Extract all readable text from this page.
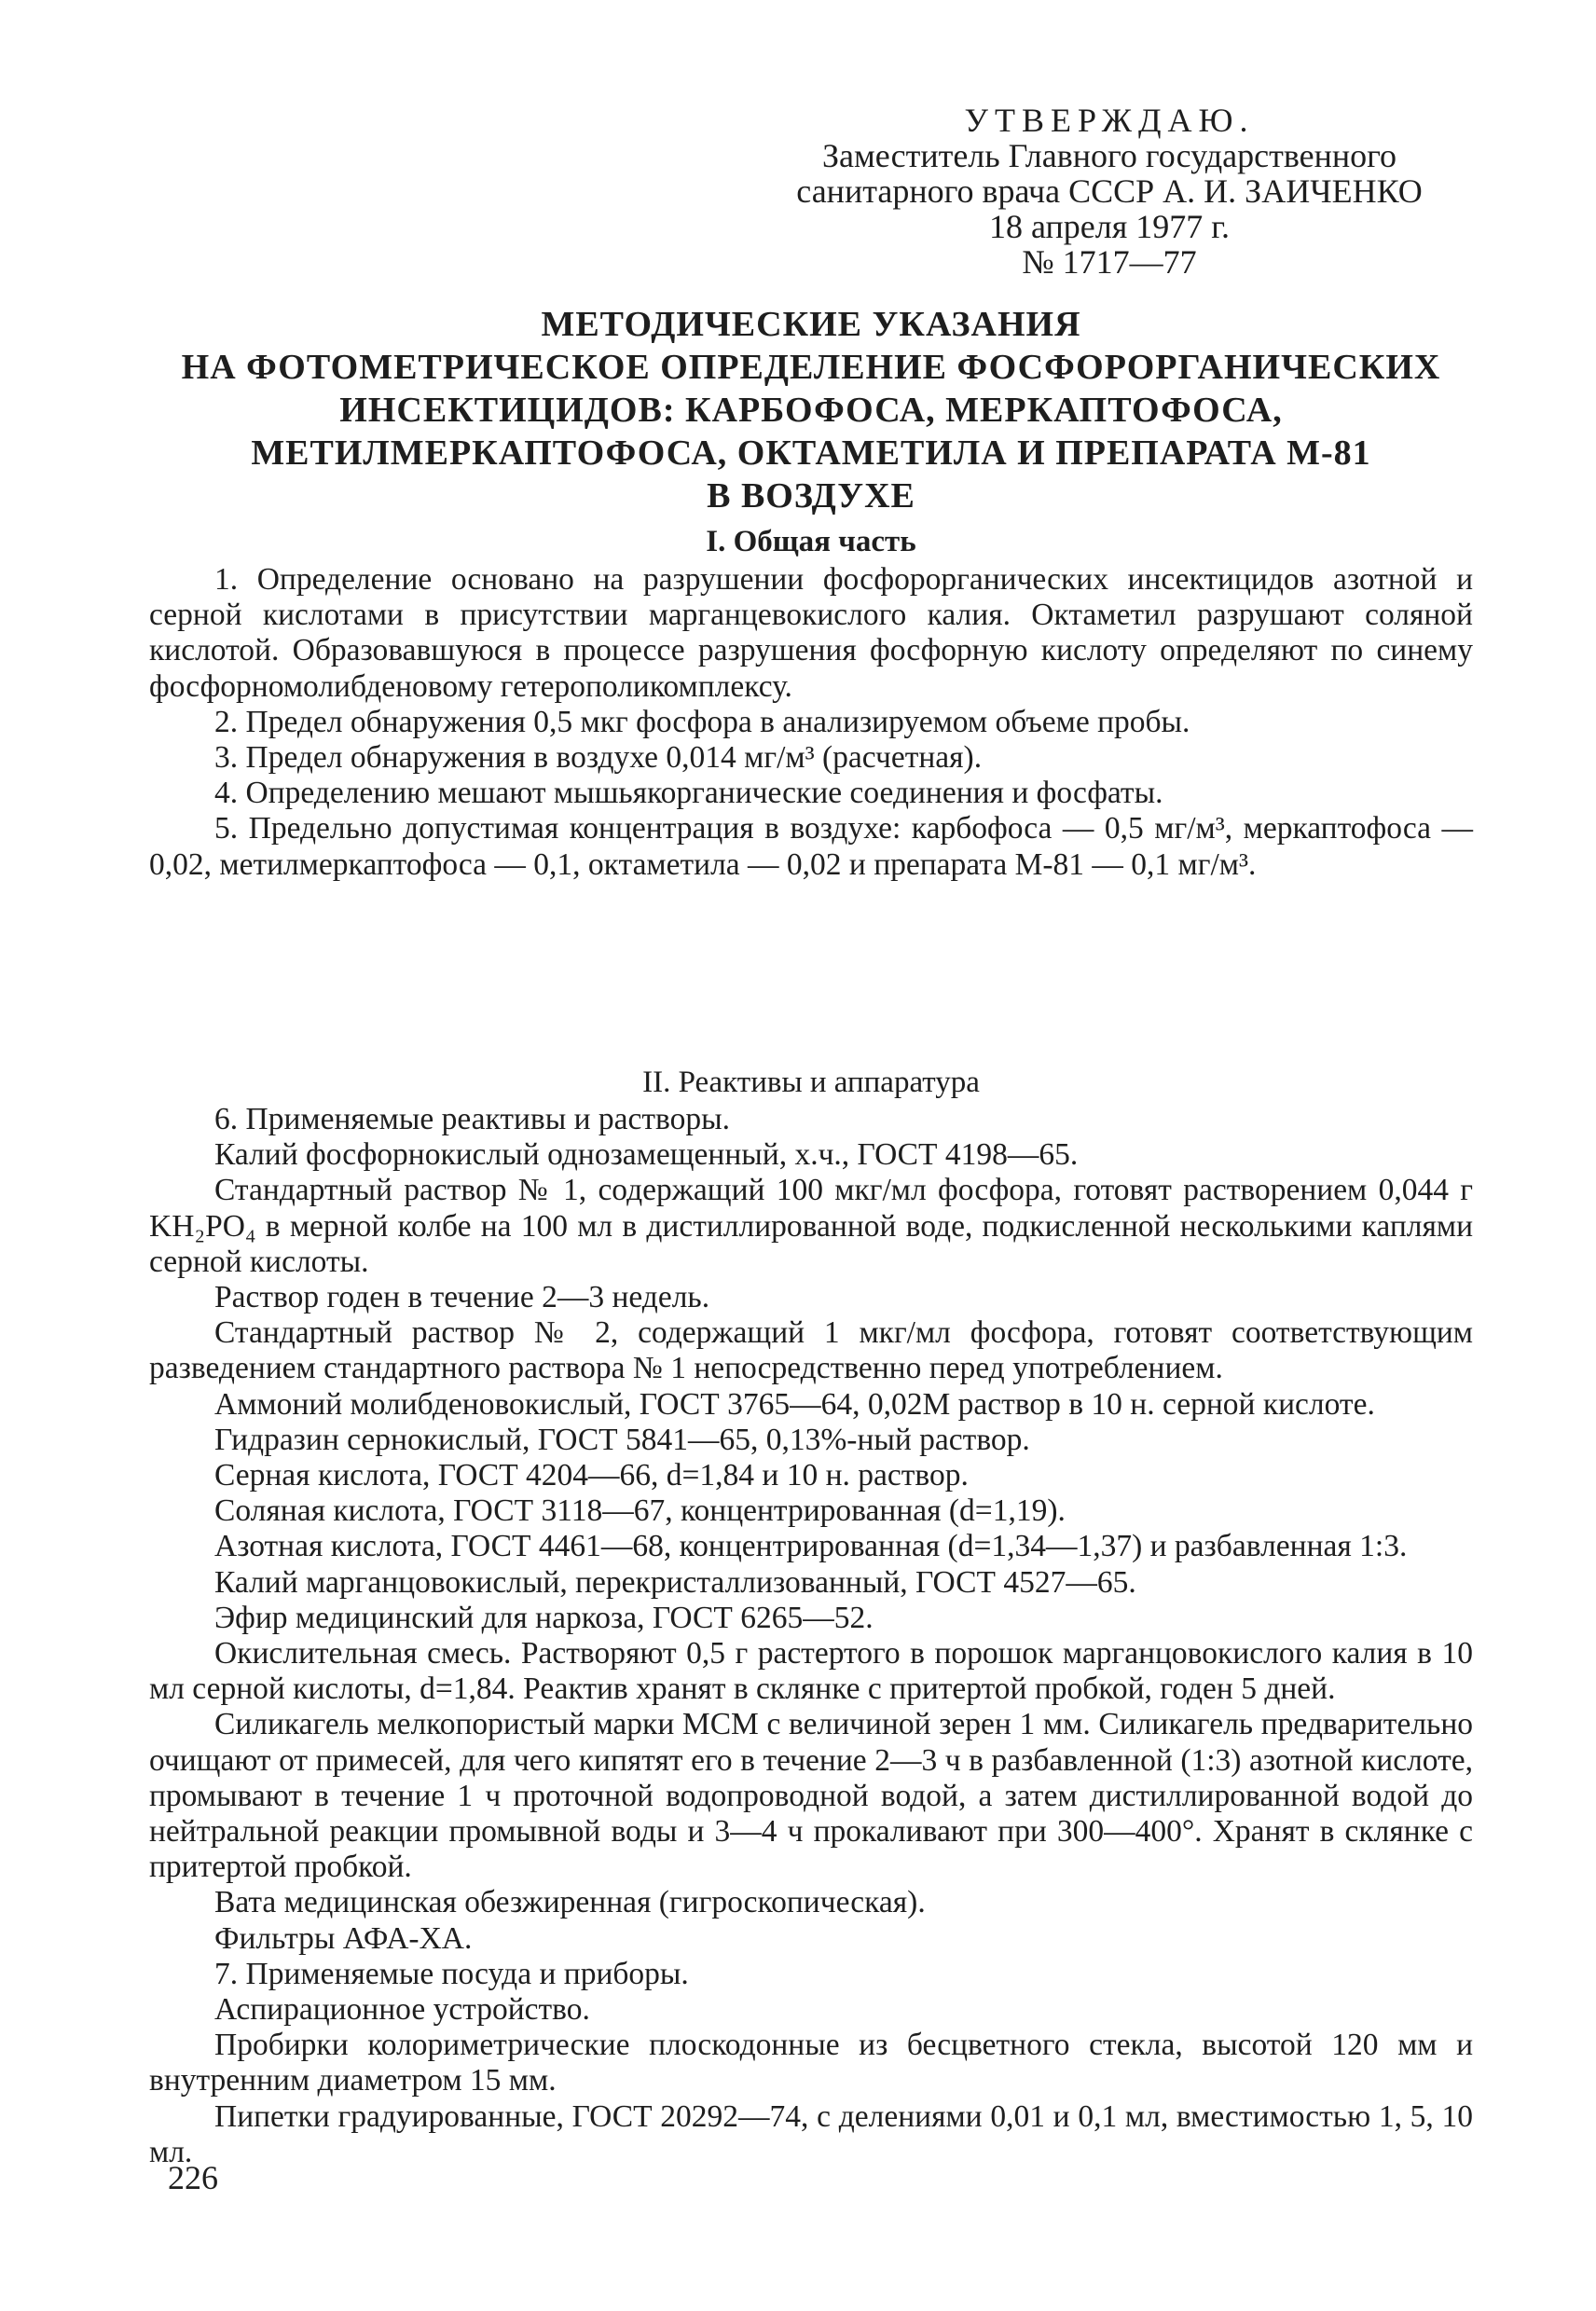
УТВЕРЖДАЮ.
Заместитель Главного государственного
санитарного врача СССР А. И. ЗАИЧЕНКО
18 апреля 1977 г.
№ 1717—77
МЕТОДИЧЕСКИЕ УКАЗАНИЯ
НА ФОТОМЕТРИЧЕСКОЕ ОПРЕДЕЛЕНИЕ ФОСФОРОРГАНИЧЕСКИХ
ИНСЕКТИЦИДОВ: КАРБОФОСА, МЕРКАПТОФОСА,
МЕТИЛМЕРКАПТОФОСА, ОКТАМЕТИЛА И ПРЕПАРАТА М-81
В ВОЗДУХЕ
I. Общая часть

1. Определение основано на разрушении фосфорорганических инсектицидов азотной и серной кислотами в присутствии марганцевокислого калия. Октаметил разрушают соляной кислотой. Образовавшуюся в процессе разрушения фосфорную кислоту определяют по синему фосфорномолибденовому гетерополикомплексу.

2. Предел обнаружения 0,5 мкг фосфора в анализируемом объеме пробы.

3. Предел обнаружения в воздухе 0,014 мг/м³ (расчетная).

4. Определению мешают мышьякорганические соединения и фосфаты.

5. Предельно допустимая концентрация в воздухе: карбофоса — 0,5 мг/м³, меркаптофоса — 0,02, метилмеркаптофоса — 0,1, октаметила — 0,02 и препарата М-81 — 0,1 мг/м³.

II. Реактивы и аппаратура

6. Применяемые реактивы и растворы.

Калий фосфорнокислый однозамещенный, х.ч., ГОСТ 4198—65.

Стандартный раствор № 1, содержащий 100 мкг/мл фосфора, готовят растворением 0,044 г KH₂PO₄ в мерной колбе на 100 мл в дистиллированной воде, подкисленной несколькими каплями серной кислоты.

Раствор годен в течение 2—3 недель.

Стандартный раствор № 2, содержащий 1 мкг/мл фосфора, готовят соответствующим разведением стандартного раствора № 1 непосредственно перед употреблением.

Аммоний молибденовокислый, ГОСТ 3765—64, 0,02М раствор в 10 н. серной кислоте.

Гидразин сернокислый, ГОСТ 5841—65, 0,13%-ный раствор.

Серная кислота, ГОСТ 4204—66, d=1,84 и 10 н. раствор.

Соляная кислота, ГОСТ 3118—67, концентрированная (d=1,19).

Азотная кислота, ГОСТ 4461—68, концентрированная (d=1,34—1,37) и разбавленная 1:3.

Калий марганцовокислый, перекристаллизованный, ГОСТ 4527—65.

Эфир медицинский для наркоза, ГОСТ 6265—52.

Окислительная смесь. Растворяют 0,5 г растертого в порошок марганцовокислого калия в 10 мл серной кислоты, d=1,84. Реактив хранят в склянке с притертой пробкой, годен 5 дней.

Силикагель мелкопористый марки МСМ с величиной зерен 1 мм. Силикагель предварительно очищают от примесей, для чего кипятят его в течение 2—3 ч в разбавленной (1:3) азотной кислоте, промывают в течение 1 ч проточной водопроводной водой, а затем дистиллированной водой до нейтральной реакции промывной воды и 3—4 ч прокаливают при 300—400°. Хранят в склянке с притертой пробкой.

Вата медицинская обезжиренная (гигроскопическая).

Фильтры АФА-ХА.

7. Применяемые посуда и приборы.

Аспирационное устройство.

Пробирки колориметрические плоскодонные из бесцветного стекла, высотой 120 мм и внутренним диаметром 15 мм.

Пипетки градуированные, ГОСТ 20292—74, с делениями 0,01 и 0,1 мл, вместимостью 1, 5, 10 мл.

226
